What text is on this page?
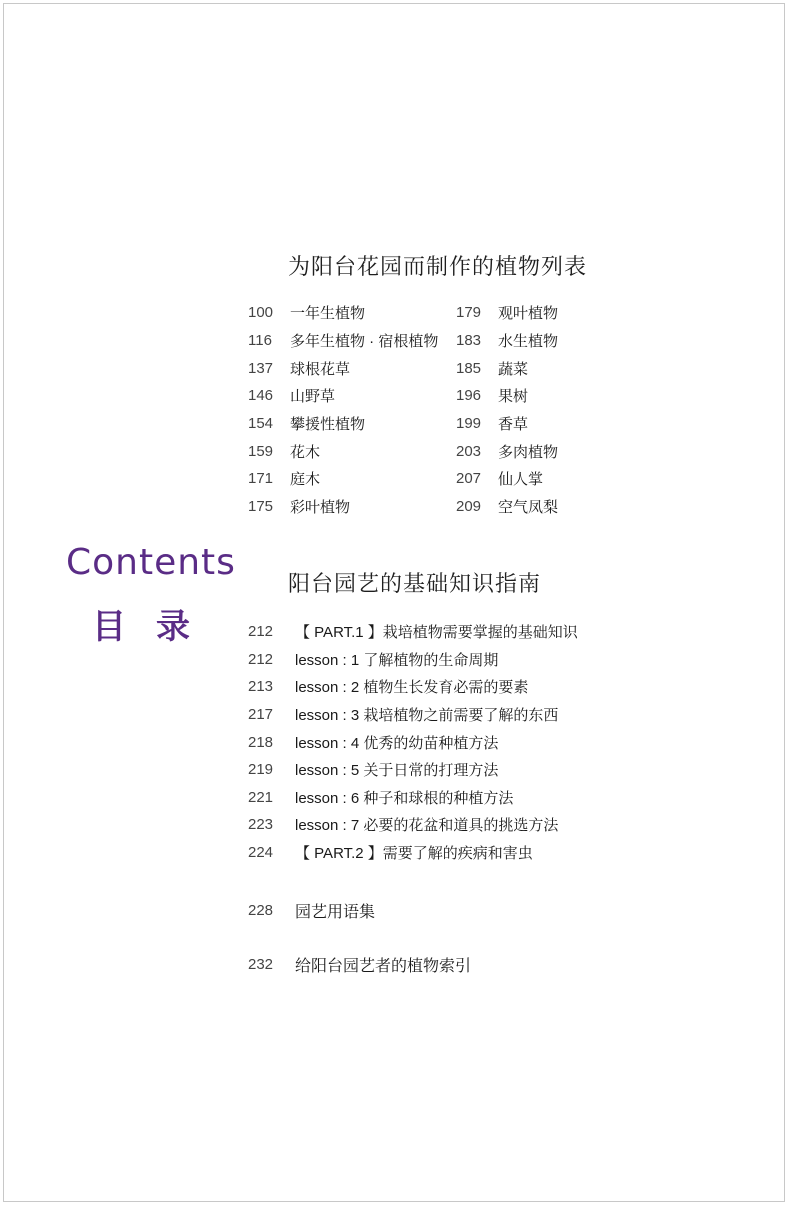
为阳台花园而制作的植物列表
100	一年生植物
116	多年生植物 · 宿根植物
137	球根花草
146	山野草
154	攀援性植物
159	花木
171	庭木
175	彩叶植物
179	观叶植物
183	水生植物
185	蔬菜
196	果树
199	香草
203	多肉植物
207	仙人掌
209	空气凤梨
Contents
目录
阳台园艺的基础知识指南
212	【 PART.1 】栽培植物需要掌握的基础知识
212	lesson : 1 了解植物的生命周期
213	lesson : 2 植物生长发育必需的要素
217	lesson : 3 栽培植物之前需要了解的东西
218	lesson : 4 优秀的幼苗种植方法
219	lesson : 5 关于日常的打理方法
221	lesson : 6 种子和球根的种植方法
223	lesson : 7 必要的花盆和道具的挑选方法
224	【 PART.2 】需要了解的疾病和害虫
228	园艺用语集
232	给阳台园艺者的植物索引
